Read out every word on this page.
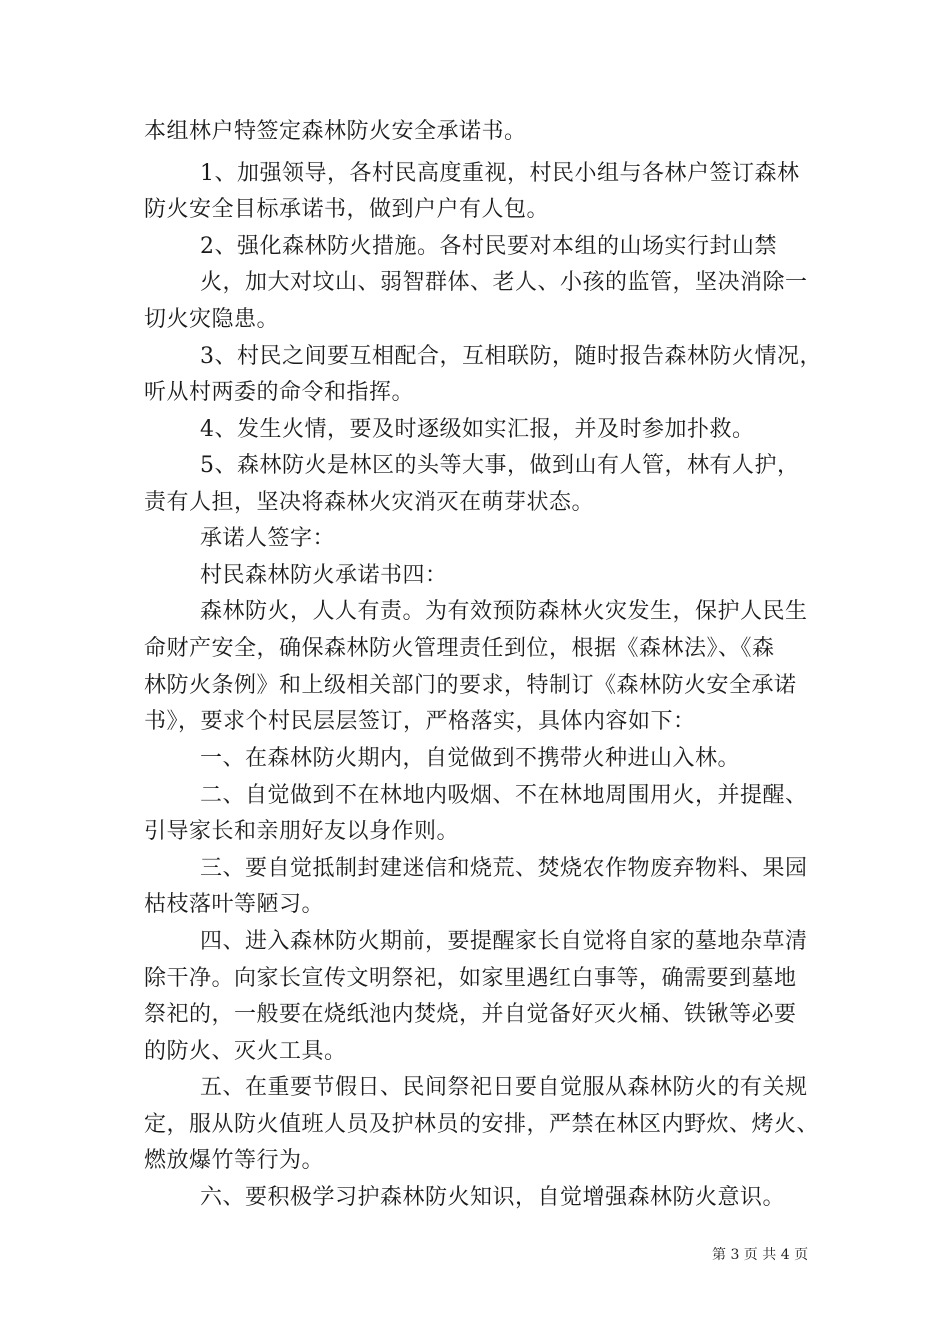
本组林户特签定森林防火安全承诺书。
1、加强领导，各村民高度重视，村民小组与各林户签订森林
防火安全目标承诺书，做到户户有人包。
2、强化森林防火措施。各村民要对本组的山场实行封山禁
火，加大对坟山、弱智群体、老人、小孩的监管，坚决消除一
切火灾隐患。
3、村民之间要互相配合，互相联防，随时报告森林防火情况，
听从村两委的命令和指挥。
4、发生火情，要及时逐级如实汇报，并及时参加扑救。
5、森林防火是林区的头等大事，做到山有人管，林有人护，
责有人担，坚决将森林火灾消灭在萌芽状态。
承诺人签字：
村民森林防火承诺书四：
森林防火，人人有责。为有效预防森林火灾发生，保护人民生
命财产安全，确保森林防火管理责任到位，根据《森林法》、《森
林防火条例》和上级相关部门的要求，特制订《森林防火安全承诺
书》，要求个村民层层签订，严格落实，具体内容如下：
一、在森林防火期内，自觉做到不携带火种进山入林。
二、自觉做到不在林地内吸烟、不在林地周围用火，并提醒、
引导家长和亲朋好友以身作则。
三、要自觉抵制封建迷信和烧荒、焚烧农作物废弃物料、果园
枯枝落叶等陋习。
四、进入森林防火期前，要提醒家长自觉将自家的墓地杂草清
除干净。向家长宣传文明祭祀，如家里遇红白事等，确需要到墓地
祭祀的，一般要在烧纸池内焚烧，并自觉备好灭火桶、铁锹等必要
的防火、灭火工具。
五、在重要节假日、民间祭祀日要自觉服从森林防火的有关规
定，服从防火值班人员及护林员的安排，严禁在林区内野炊、烤火、
燃放爆竹等行为。
六、要积极学习护森林防火知识，自觉增强森林防火意识。
第 3 页 共 4 页
